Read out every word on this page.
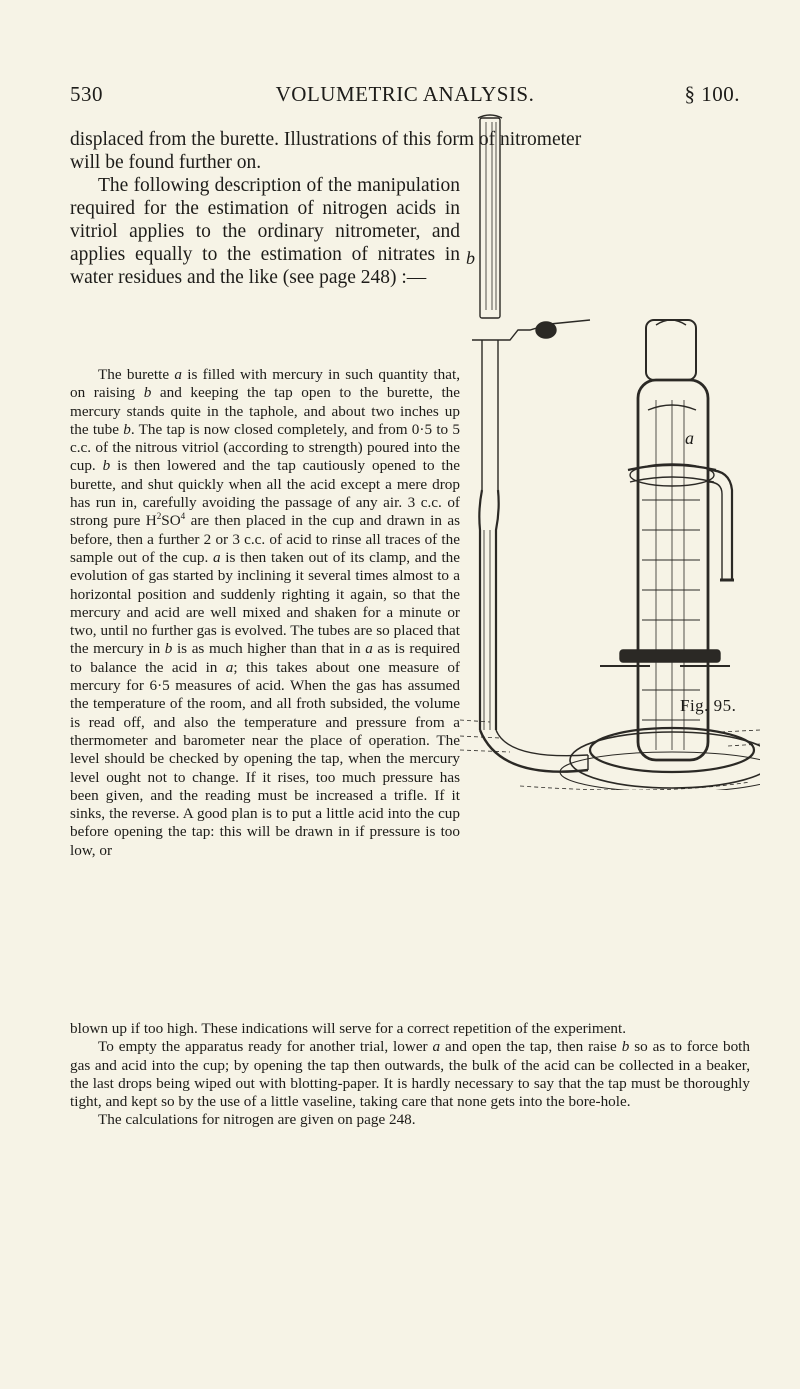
530	VOLUMETRIC ANALYSIS.	§ 100.
displaced from the burette. Illustrations of this form of nitrometer
will be found further on.

The following description of the manipulation required for the estimation of nitrogen acids in vitriol applies to the ordinary nitrometer, and applies equally to the estimation of nitrates in water residues and the like (see page 248) :—

The burette a is filled with mercury in such quantity that, on raising b and keeping the tap open to the burette, the mercury stands quite in the taphole, and about two inches up the tube b. The tap is now closed completely, and from 0·5 to 5 c.c. of the nitrous vitriol (according to strength) poured into the cup. b is then lowered and the tap cautiously opened to the burette, and shut quickly when all the acid except a mere drop has run in, carefully avoiding the passage of any air. 3 c.c. of strong pure $H^2SO^4$ are then placed in the cup and drawn in as before, then a further 2 or 3 c.c. of acid to rinse all traces of the sample out of the cup. a is then taken out of its clamp, and the evolution of gas started by inclining it several times almost to a horizontal position and suddenly righting it again, so that the mercury and acid are well mixed and shaken for a minute or two, until no further gas is evolved. The tubes are so placed that the mercury in b is as much higher than that in a as is required to balance the acid in a; this takes about one measure of mercury for 6·5 measures of acid. When the gas has assumed the temperature of the room, and all froth subsided, the volume is read off, and also the temperature and pressure from a thermometer and barometer near the place of operation. The level should be checked by opening the tap, when the mercury level ought not to change. If it rises, too much pressure has been given, and the reading must be increased a trifle. If it sinks, the reverse. A good plan is to put a little acid into the cup before opening the tap: this will be drawn in if pressure is too low, or

blown up if too high. These indications will serve for a correct repetition of the experiment.

To empty the apparatus ready for another trial, lower a and open the tap, then raise b so as to force both gas and acid into the cup; by opening the tap then outwards, the bulk of the acid can be collected in a beaker, the last drops being wiped out with blotting-paper. It is hardly necessary to say that the tap must be thoroughly tight, and kept so by the use of a little vaseline, taking care that none gets into the bore-hole.

The calculations for nitrogen are given on page 248.

a
b
Fig. 95.
